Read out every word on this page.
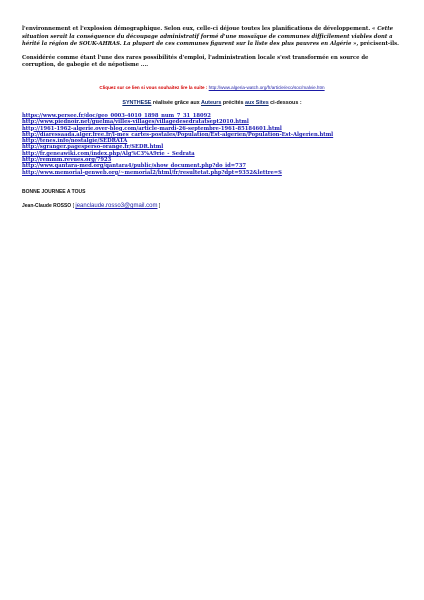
l'environnement et l'explosion démographique. Selon eux, celle-ci déjoue toutes les planifications de développement. « Cette situation serait la conséquence du découpage administratif formé d'une mosaïque de communes difficilement viables dont a hérité la région de SOUK-AHRAS. La plupart de ces communes figurent sur la liste des plus pauvres en Algérie », précisent-ils.

Considérée comme étant l'une des rares possibilités d'emploi, l'administration locale s'est transformée en source de corruption, de gabegie et de népotisme ....

Cliquez sur ce lien si vous souhaitez lire la suite : http://www.algeria-watch.org/fr/article/eco/soc/malvie.htm
SYNTHESE réalisée grâce aux Auteurs précités aux Sites ci-dessous :
https://www.persee.fr/doc/geo_0003-4010_1898_num_7_31_18092
http://www.piednoir.net/guelma/villes-villages/villagedesedratatsept2010.html
http://1961-1962-algerie.over-blog.com/article-mardi-26-septembre-1961-85184601.html
http://diaressaada.alger.free.fr/l-mes_cartes-postales/Population/Est-algerien/Population-Est-Algerien.html
http://tenes.info/nostalgie/SEDRATA
http://sgranger.pagesperso-orange.fr/SEDR.html
http://fr.geneawiki.com/index.php/Alg%C3%A9rie_-_Sedrata
http://remmm.revues.org/7923
http://www.qantara-med.org/qantara4/public/show_document.php?do_id=737
http://www.memorial-genweb.org/~memorial2/html/fr/resultetat.php?dpt=9352&lettre=S
BONNE JOURNEE A TOUS
Jean-Claude ROSSO [ jeanclaude.rosso3@gmail.com ]
